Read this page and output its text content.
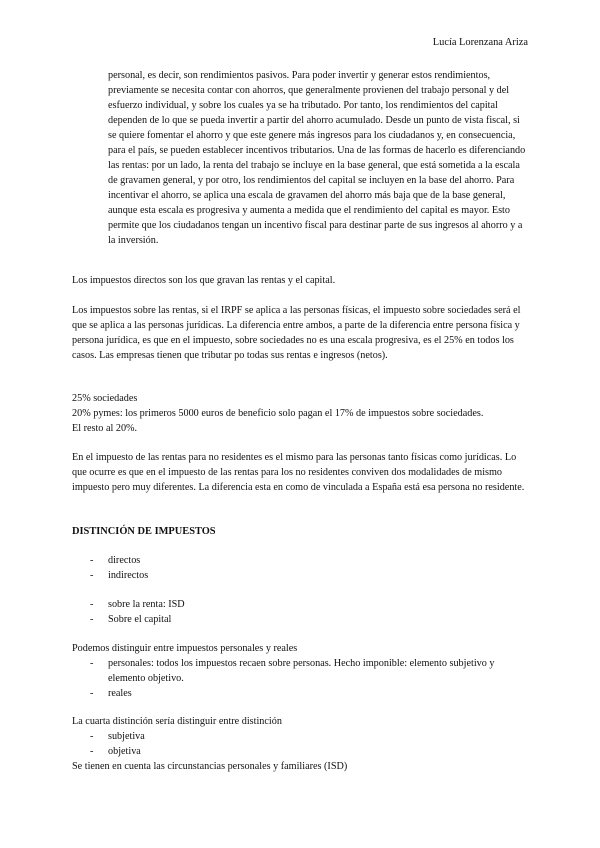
Lucía Lorenzana Ariza

personal, es decir, son rendimientos pasivos. Para poder invertir y generar estos rendimientos, previamente se necesita contar con ahorros, que generalmente provienen del trabajo personal y del esfuerzo individual, y sobre los cuales ya se ha tributado. Por tanto, los rendimientos del capital dependen de lo que se pueda invertir a partir del ahorro acumulado. Desde un punto de vista fiscal, si se quiere fomentar el ahorro y que este genere más ingresos para los ciudadanos y, en consecuencia, para el país, se pueden establecer incentivos tributarios. Una de las formas de hacerlo es diferenciando las rentas: por un lado, la renta del trabajo se incluye en la base general, que está sometida a la escala de gravamen general, y por otro, los rendimientos del capital se incluyen en la base del ahorro. Para incentivar el ahorro, se aplica una escala de gravamen del ahorro más baja que de la base general, aunque esta escala es progresiva y aumenta a medida que el rendimiento del capital es mayor. Esto permite que los ciudadanos tengan un incentivo fiscal para destinar parte de sus ingresos al ahorro y a la inversión.

Los impuestos directos son los que gravan las rentas y el capital.

Los impuestos sobre las rentas, si el IRPF se aplica a las personas físicas, el impuesto sobre sociedades será el que se aplica a las personas jurídicas. La diferencia entre ambos, a parte de la diferencia entre persona física y persona jurídica, es que en el impuesto, sobre sociedades no es una escala progresiva, es el 25% en todos los casos. Las empresas tienen que tributar po todas sus rentas e ingresos (netos).

25% sociedades

20% pymes: los primeros 5000 euros de beneficio solo pagan el 17% de impuestos sobre sociedades.

El resto al 20%.

En el impuesto de las rentas para no residentes es el mismo para las personas tanto físicas como jurídicas. Lo que ocurre es que en el impuesto de las rentas para los no residentes conviven dos modalidades de mismo impuesto pero muy diferentes. La diferencia esta en como de vinculada a España está esa persona no residente.

DISTINCIÓN DE IMPUESTOS

- directos
- indirectos
- sobre la renta: ISD
- Sobre el capital

Podemos distinguir entre impuestos personales y reales

- personales: todos los impuestos recaen sobre personas. Hecho imponible: elemento subjetivo y elemento objetivo.
- reales

La cuarta distinción sería distinguir entre distinción

- subjetiva
- objetiva

Se tienen en cuenta las circunstancias personales y familiares (ISD)
